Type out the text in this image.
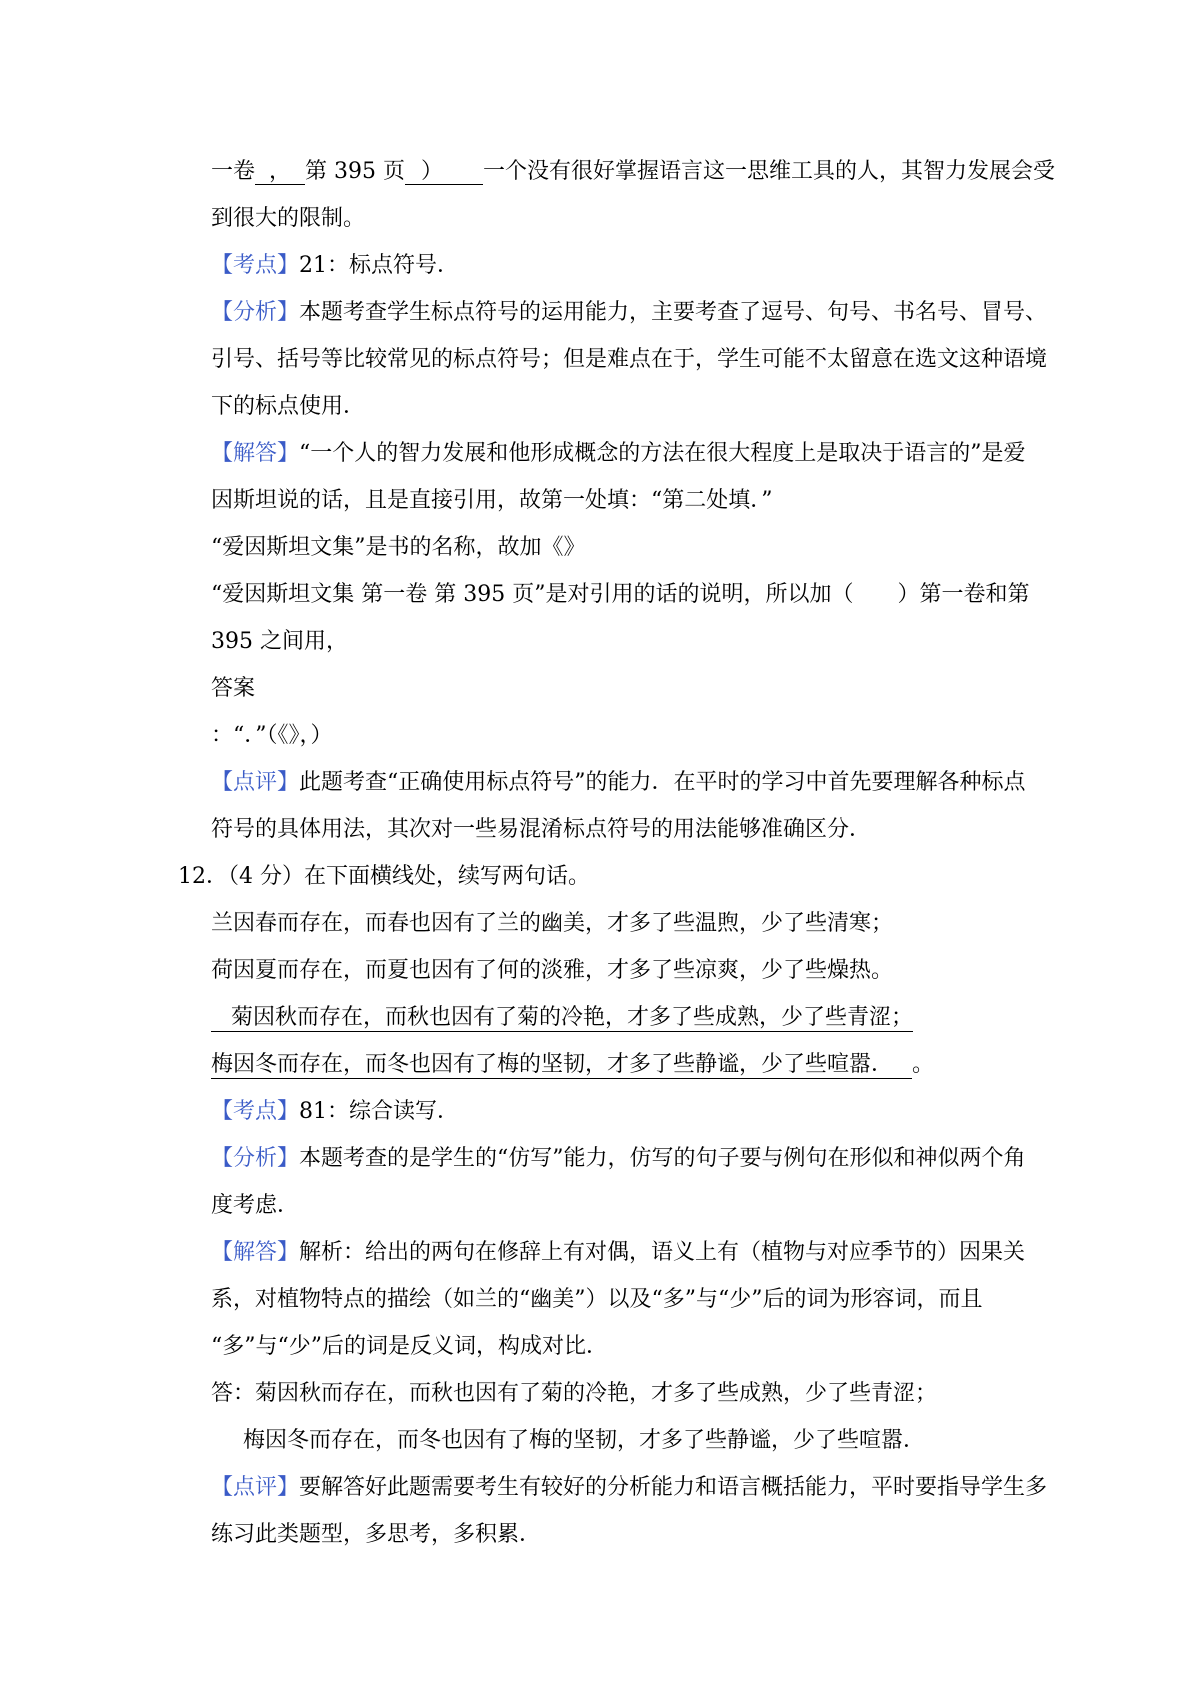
一卷 ， 第 395 页 ） 一个没有很好掌握语言这一思维工具的人，其智力发展会受
到很大的限制。
【考点】21：标点符号．
【分析】本题考查学生标点符号的运用能力，主要考查了逗号、句号、书名号、冒号、
引号、括号等比较常见的标点符号；但是难点在于，学生可能不太留意在选文这种语境
下的标点使用．
【解答】“一个人的智力发展和他形成概念的方法在很大程度上是取决于语言的”是爱
因斯坦说的话，且是直接引用，故第一处填：“第二处填．”
“爱因斯坦文集”是书的名称，故加《》
“爱因斯坦文集 第一卷 第 395 页”是对引用的话的说明，所以加（　　）第一卷和第
395 之间用，
答案
：“．”（《》，）
【点评】此题考查“正确使用标点符号”的能力．在平时的学习中首先要理解各种标点
符号的具体用法，其次对一些易混淆标点符号的用法能够准确区分．
12．（4 分）在下面横线处，续写两句话。
兰因春而存在，而春也因有了兰的幽美，才多了些温煦，少了些清寒；
荷因夏而存在，而夏也因有了何的淡雅，才多了些凉爽，少了些燥热。
菊因秋而存在，而秋也因有了菊的冷艳，才多了些成熟，少了些青涩；
梅因冬而存在，而冬也因有了梅的坚韧，才多了些静谧，少了些喧嚣． 。
【考点】81：综合读写．
【分析】本题考查的是学生的“仿写”能力，仿写的句子要与例句在形似和神似两个角
度考虑．
【解答】解析：给出的两句在修辞上有对偶，语义上有（植物与对应季节的）因果关
系，对植物特点的描绘（如兰的“幽美”）以及“多”与“少”后的词为形容词，而且
“多”与“少”后的词是反义词，构成对比．
答：菊因秋而存在，而秋也因有了菊的冷艳，才多了些成熟，少了些青涩；
梅因冬而存在，而冬也因有了梅的坚韧，才多了些静谧，少了些喧嚣．
【点评】要解答好此题需要考生有较好的分析能力和语言概括能力，平时要指导学生多
练习此类题型，多思考，多积累．
